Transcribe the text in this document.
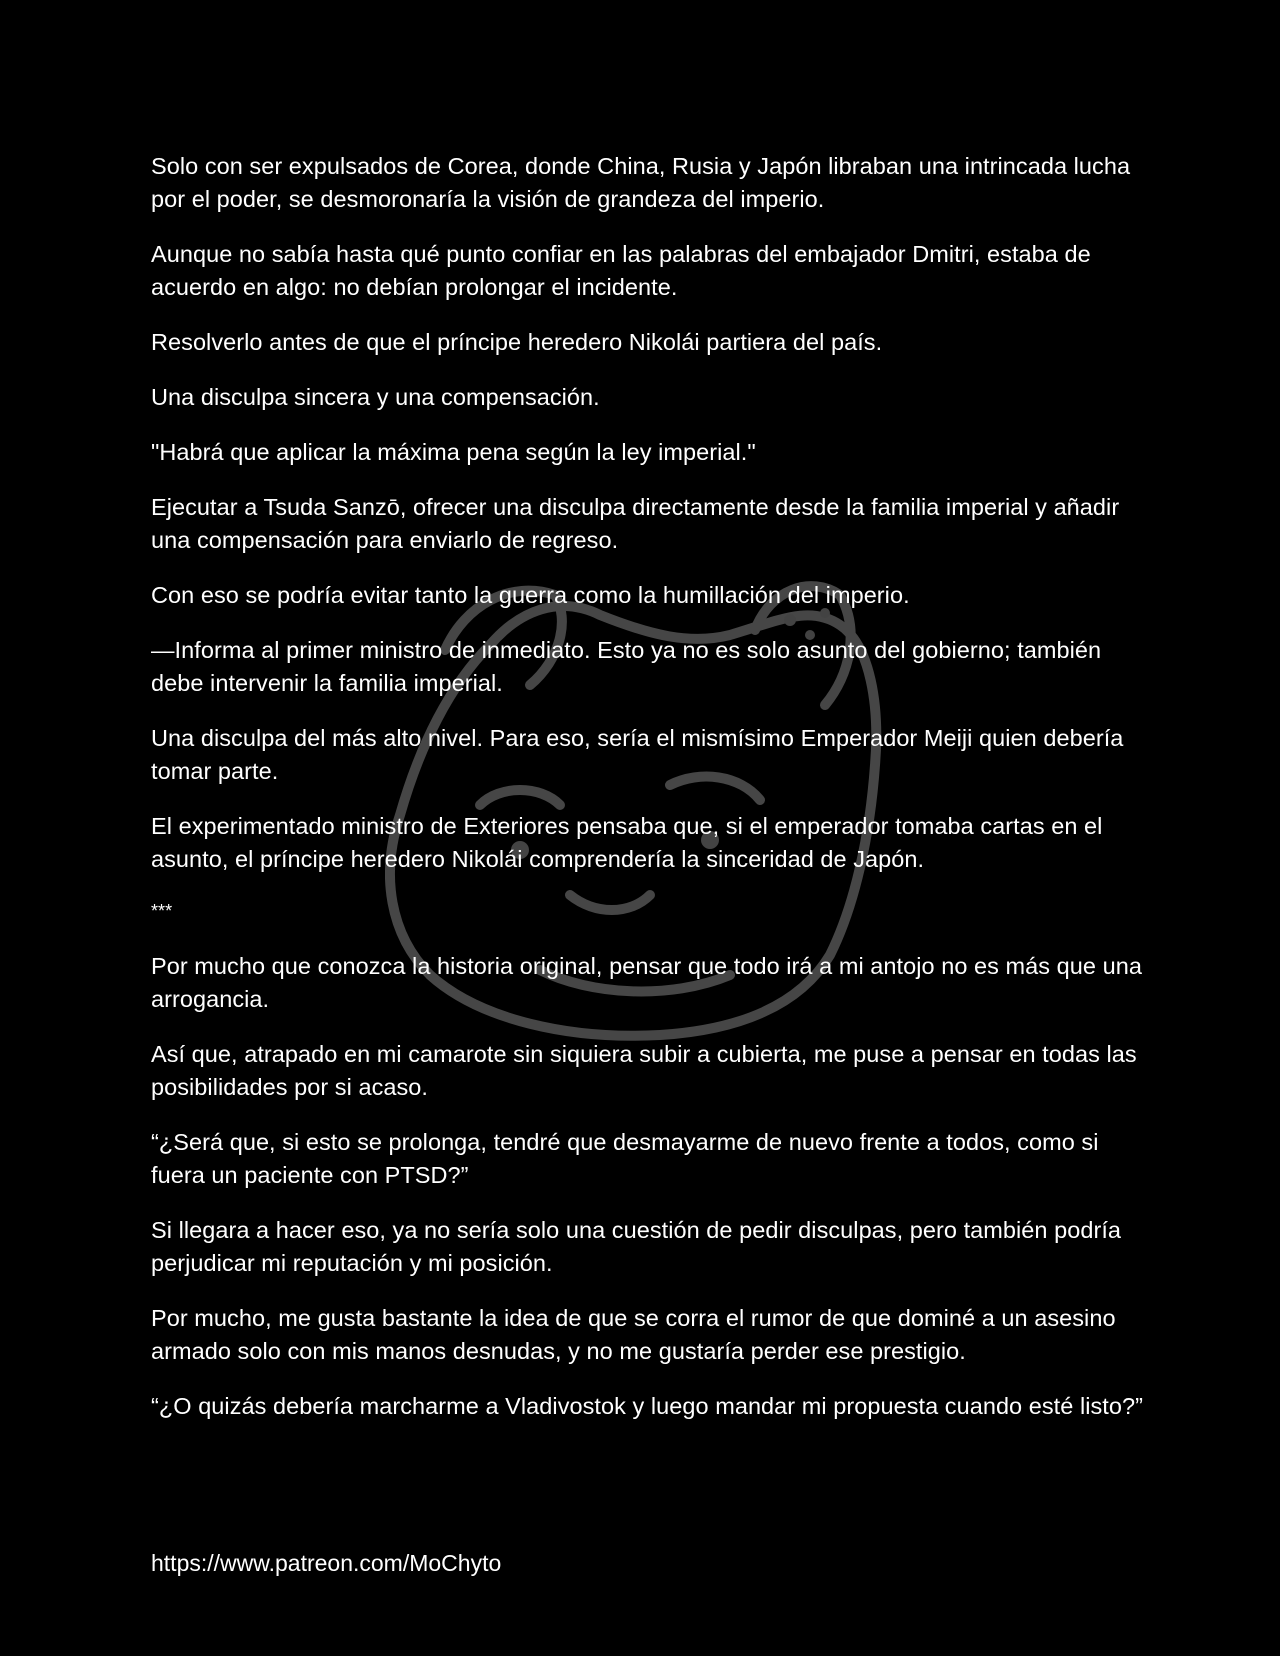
Solo con ser expulsados de Corea, donde China, Rusia y Japón libraban una intrincada lucha por el poder, se desmoronaría la visión de grandeza del imperio.

Aunque no sabía hasta qué punto confiar en las palabras del embajador Dmitri, estaba de acuerdo en algo: no debían prolongar el incidente.

Resolverlo antes de que el príncipe heredero Nikolái partiera del país.

Una disculpa sincera y una compensación.

"Habrá que aplicar la máxima pena según la ley imperial."

Ejecutar a Tsuda Sanzō, ofrecer una disculpa directamente desde la familia imperial y añadir una compensación para enviarlo de regreso.

Con eso se podría evitar tanto la guerra como la humillación del imperio.

—Informa al primer ministro de inmediato. Esto ya no es solo asunto del gobierno; también debe intervenir la familia imperial.

Una disculpa del más alto nivel. Para eso, sería el mismísimo Emperador Meiji quien debería tomar parte.

El experimentado ministro de Exteriores pensaba que, si el emperador tomaba cartas en el asunto, el príncipe heredero Nikolái comprendería la sinceridad de Japón.

***

Por mucho que conozca la historia original, pensar que todo irá a mi antojo no es más que una arrogancia.

Así que, atrapado en mi camarote sin siquiera subir a cubierta, me puse a pensar en todas las posibilidades por si acaso.

“¿Será que, si esto se prolonga, tendré que desmayarme de nuevo frente a todos, como si fuera un paciente con PTSD?”

Si llegara a hacer eso, ya no sería solo una cuestión de pedir disculpas, pero también podría perjudicar mi reputación y mi posición.

Por mucho, me gusta bastante la idea de que se corra el rumor de que dominé a un asesino armado solo con mis manos desnudas, y no me gustaría perder ese prestigio.

“¿O quizás debería marcharme a Vladivostok y luego mandar mi propuesta cuando esté listo?”

https://www.patreon.com/MoChyto
